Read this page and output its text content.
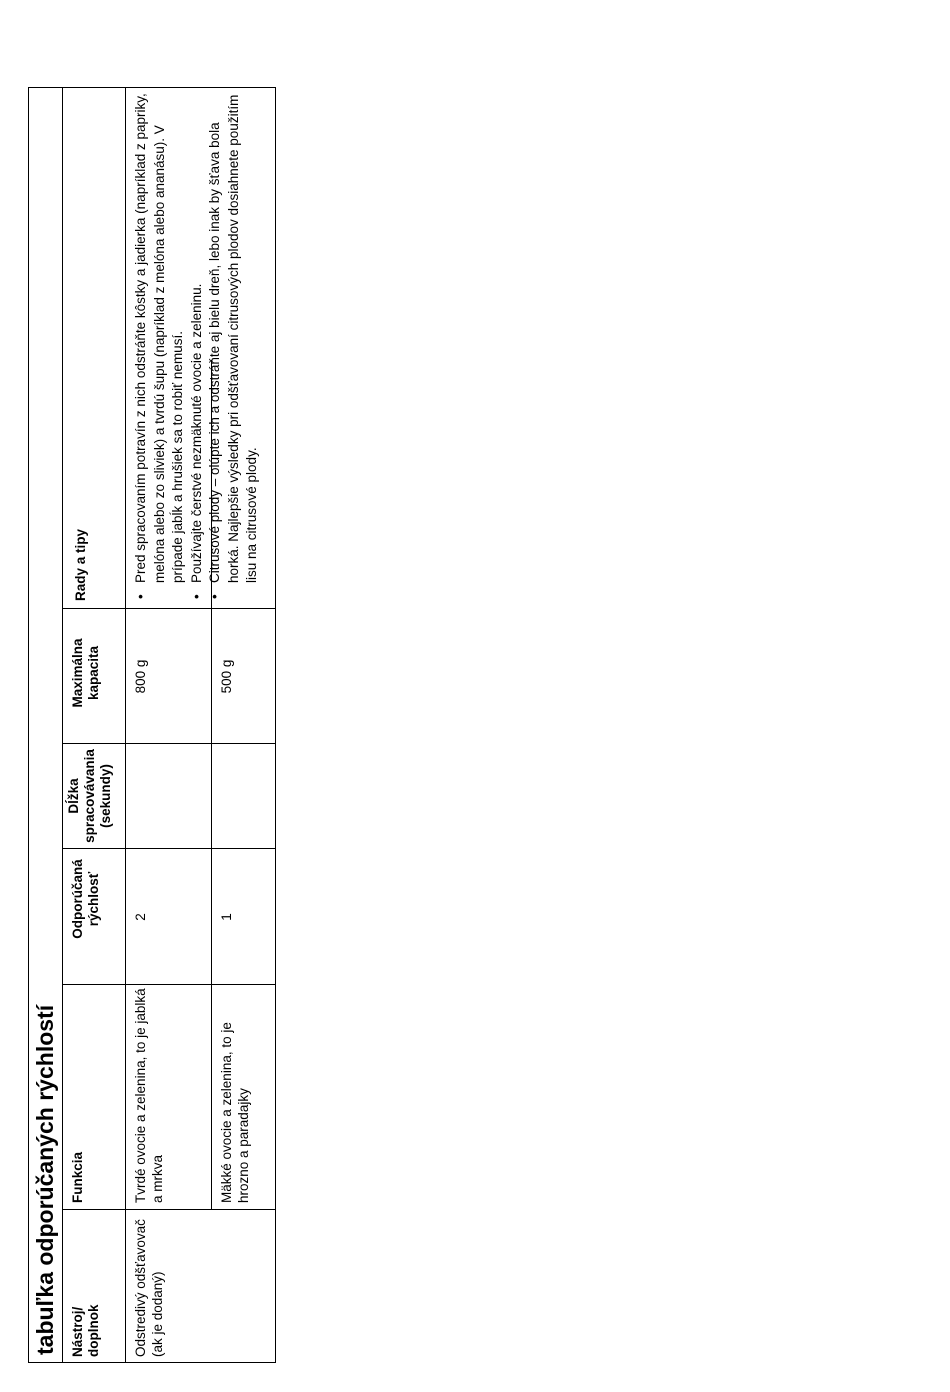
tabuľka odporúčaných rýchlostí Nástroj/ doplnok
Funkcia
Odporúčaná rýchlosť
Dĺžka spracovávania (sekundy)
Maximálna kapacita
Rady a tipy
Odstredivý odšťavovač (ak je dodaný)
Tvrdé ovocie a zelenina, to je jablká a mrkva
2
800 g
Mäkké ovocie a zelenina, to je hrozno a paradajky
1
500 g
• Pred spracovaním potravín z nich odstráňte kôstky a jadierka (napríklad z papriky, melóna alebo zo sliviek) a tvrdú šupu (napríklad z melóna alebo ananásu). V prípade jabĺk a hrušiek sa to robiť nemusí. • Používajte čerstvé nezmäknuté ovocie a zeleninu. • Citrusové plody – olúpte ich a odstráňte aj bielu dreň, lebo inak by šťava bola horká. Najlepšie výsledky pri odšťavovaní citrusových plodov dosiahnete použitím lisu na citrusové plody.
